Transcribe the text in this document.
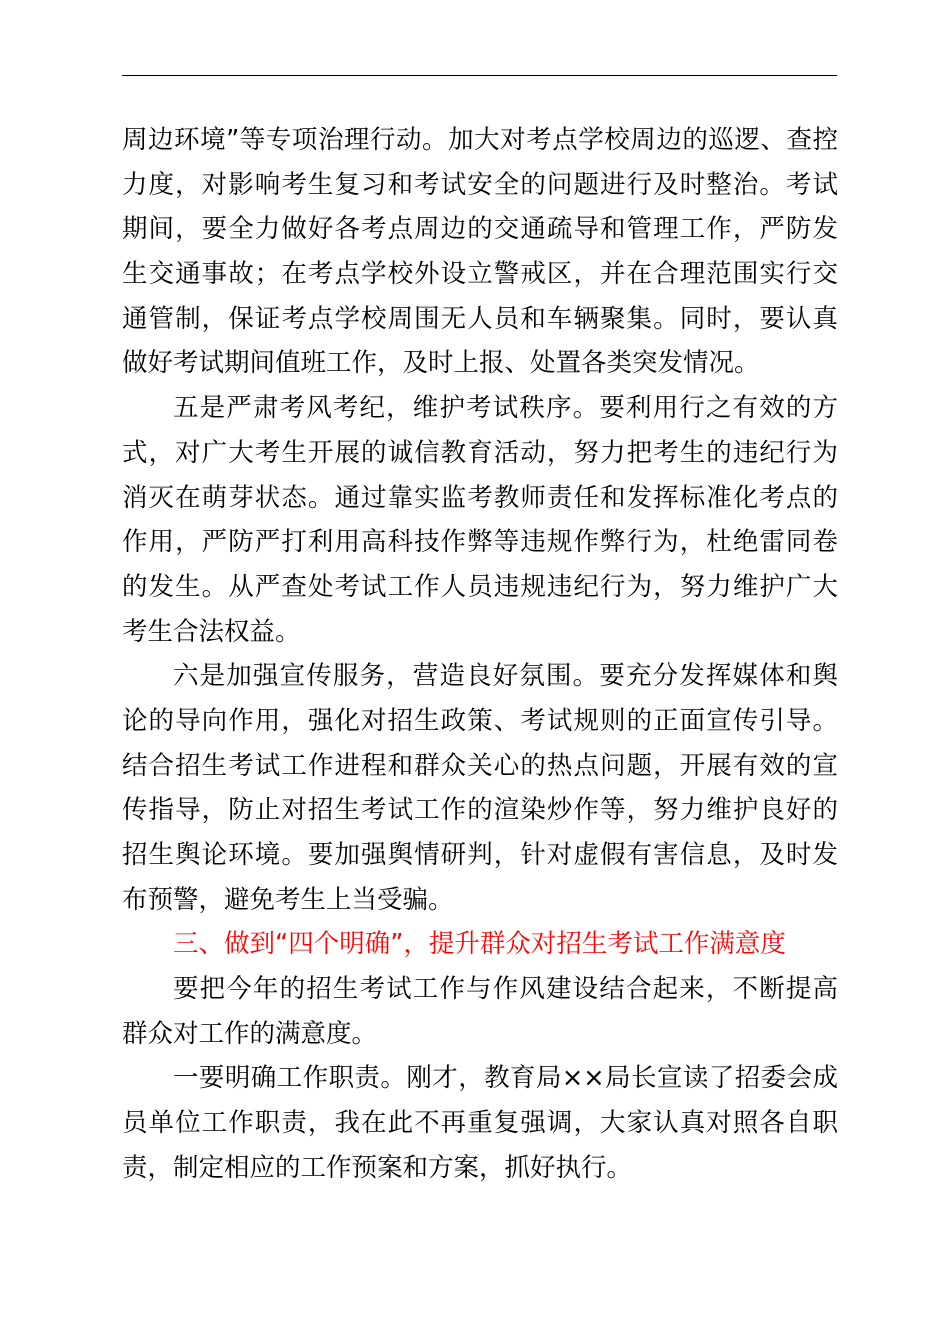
周边环境”等专项治理行动。加大对考点学校周边的巡逻、查控
力度，对影响考生复习和考试安全的问题进行及时整治。考试
期间，要全力做好各考点周边的交通疏导和管理工作，严防发
生交通事故；在考点学校外设立警戒区，并在合理范围实行交
通管制，保证考点学校周围无人员和车辆聚集。同时，要认真
做好考试期间值班工作，及时上报、处置各类突发情况。
五是严肃考风考纪，维护考试秩序。要利用行之有效的方
式，对广大考生开展的诚信教育活动，努力把考生的违纪行为
消灭在萌芽状态。通过靠实监考教师责任和发挥标准化考点的
作用，严防严打利用高科技作弊等违规作弊行为，杜绝雷同卷
的发生。从严查处考试工作人员违规违纪行为，努力维护广大
考生合法权益。
六是加强宣传服务，营造良好氛围。要充分发挥媒体和舆
论的导向作用，强化对招生政策、考试规则的正面宣传引导。
结合招生考试工作进程和群众关心的热点问题，开展有效的宣
传指导，防止对招生考试工作的渲染炒作等，努力维护良好的
招生舆论环境。要加强舆情研判，针对虚假有害信息，及时发
布预警，避免考生上当受骗。
三、做到“四个明确”，提升群众对招生考试工作满意度
要把今年的招生考试工作与作风建设结合起来，不断提高
群众对工作的满意度。
一要明确工作职责。刚才，教育局××局长宣读了招委会成
员单位工作职责，我在此不再重复强调，大家认真对照各自职
责，制定相应的工作预案和方案，抓好执行。
